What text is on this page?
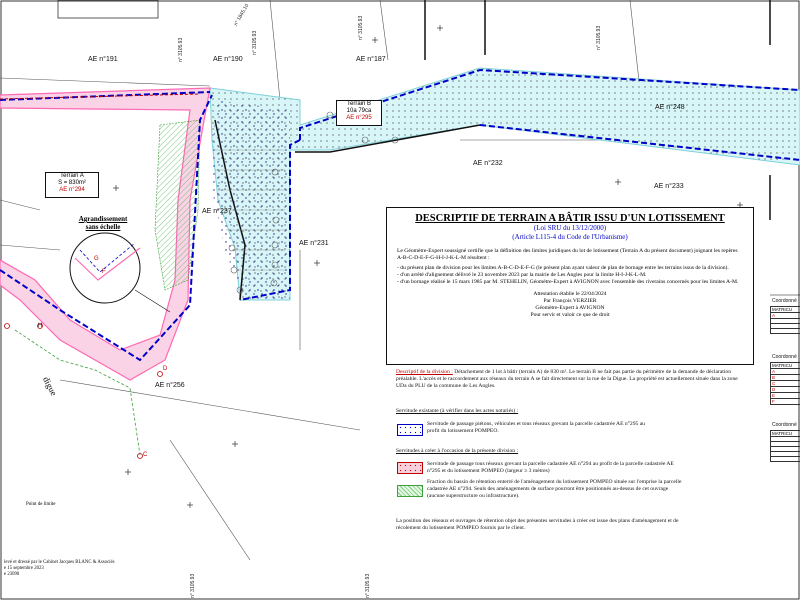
n° 3105.93	n° 3105.93
n° 1845.10
n° 3105.93	n° 3105.93
n° 3105.93	n° 3105.93
AE n°191	AE n°190	AE n°187
AE n°248
AE n°232
AE n°233
AE n°237
AE n°231
AE n°256
digue
Terrain A
S = 830m²
AE n°294
Terrain B
10a 79ca
AE n°295
Agrandissement
sans échelle
F
G
D
H
C
DESCRIPTIF DE TERRAIN A BÂTIR ISSU D'UN LOTISSEMENT
(Loi SRU du 13/12/2000)
(Article L115-4 du Code de l'Urbanisme)
Le Géomètre-Expert soussigné certifie que la définition des limites juridiques du lot de lotissement (Terrain A du présent document) joignant les repères A-B-C-D-E-F-G-H-I-J-K-L-M résultent :
- du présent plan de division pour les limites A-B-C-D-E-F-G (le présent plan ayant valeur de plan de bornage entre les terrains issus de la division).
- d'un arrêté d'alignement délivré le 23 novembre 2023 par la mairie de Les Angles pour la limite H-I-J-K-L-M.
- d'un bornage réalisé le 15 mars 1985 par M. STEHELIN, Géomètre-Expert à AVIGNON avec l'ensemble des riverains concernés pour les limites A-M.
Attestation établie le 22/04/2024
Par François VERZIER
Géomètre-Expert à AVIGNON
Pour servir et valoir ce que de droit
Descriptif de la division : Détachement de 1 lot à bâtir (terrain A) de 830 m². Le terrain B ne fait pas partie du périmètre de la demande de déclaration préalable. L'accès et le raccordement aux réseaux du terrain A se fait directement sur la rue de la Digue. La propriété est actuellement située dans la zone UDa du PLU de la commune de Les Angles.
Servitude existante (à vérifier dans les actes notariés) :
Servitude de passage piétons, véhicules et tous réseaux grevant la parcelle cadastrée AE n°295 au profit du lotissement POMPEO.
Servitudes à créer à l'occasion de la présente division :
Servitude de passage tous réseaux grevant la parcelle cadastrée AE n°294 au profit de la parcelle cadastrée AE n°295 et du lotissement POMPEO (largeur ≥ 3 mètres)
Fraction du bassin de rétention enterré de l'aménagement du lotissement POMPEO située sur l'emprise la parcelle cadastrée AE n°294. Seuls des aménagements de surface pourront être positionnés au-dessus de cet ouvrage (aucune superstructure ou infrastructure).
La position des réseaux et ouvrages de rétention objet des présentes servitudes à créer est issue des plans d'aménagement et de récolement du lotissement POMPEO fournis par le client.
Coordonné
MATRICU
A

Coordonné
MATRICU
A
B
C
D
E
F
Coordonné
MATRICU

Point de limite
levé et dressé par le Cabinet Jacques BLANC & Associés
e 15 septembre 2023
e 23098
